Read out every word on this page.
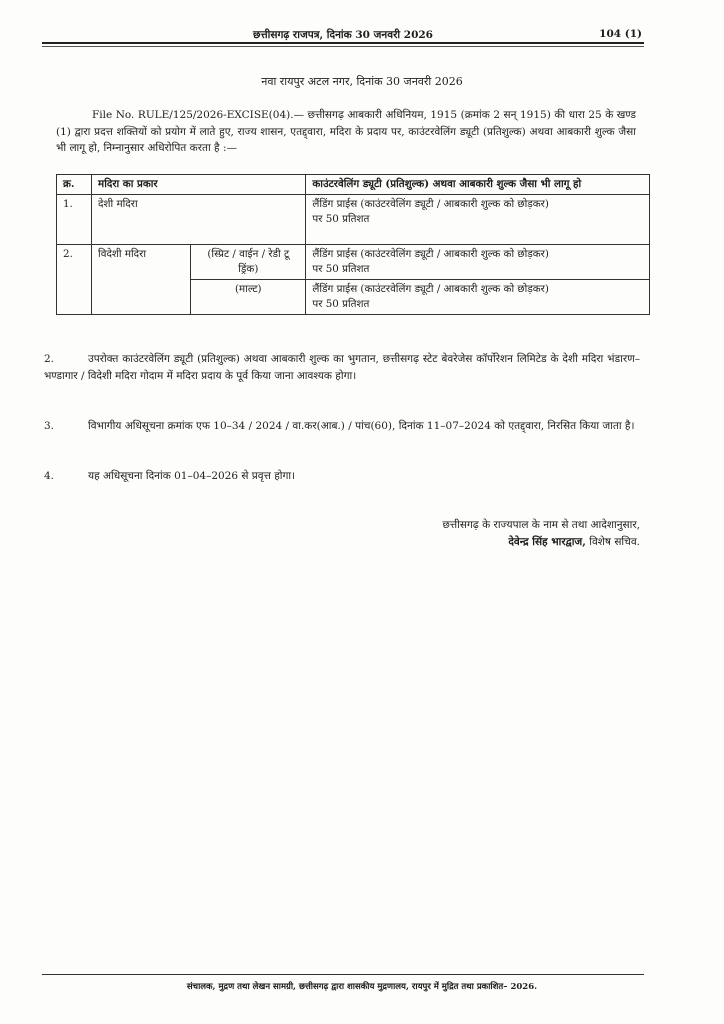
छत्तीसगढ़ राजपत्र, दिनांक 30 जनवरी 2026	104 (1)
नवा रायपुर अटल नगर, दिनांक 30 जनवरी 2026
File No. RULE/125/2026-EXCISE(04).— छत्तीसगढ़ आबकारी अधिनियम, 1915 (क्रमांक 2 सन् 1915) की धारा 25 के खण्ड (1) द्वारा प्रदत्त शक्तियों को प्रयोग में लाते हुए, राज्य शासन, एतद्द्वारा, मदिरा के प्रदाय पर, काउंटरवेलिंग ड्यूटी (प्रतिशुल्क) अथवा आबकारी शुल्क जैसा भी लागू हो, निम्नानुसार अधिरोपित करता है :—
क्र.	मदिरा का प्रकार		काउंटरवेलिंग ड्यूटी (प्रतिशुल्क) अथवा आबकारी शुल्क जैसा भी लागू हो
1.	देशी मदिरा		लैंडिंग प्राईस (काउंटरवेलिंग ड्यूटी / आबकारी शुल्क को छोड़कर)
पर 50 प्रतिशत

2.	विदेशी मदिरा	(स्प्रिट / वाईन / रेडी टू ड्रिंक)	लैंडिंग प्राईस (काउंटरवेलिंग ड्यूटी / आबकारी शुल्क को छोड़कर)
पर 50 प्रतिशत

		(माल्ट)	लैंडिंग प्राईस (काउंटरवेलिंग ड्यूटी / आबकारी शुल्क को छोड़कर)
पर 50 प्रतिशत
2.	उपरोक्त काउंटरवेलिंग ड्यूटी (प्रतिशुल्क) अथवा आबकारी शुल्क का भुगतान, छत्तीसगढ़ स्टेट बेवरेजेस कॉर्पोरेशन लिमिटेड के देशी मदिरा भंडारण–भण्डागार / विदेशी मदिरा गोदाम में मदिरा प्रदाय के पूर्व किया जाना आवश्यक होगा।
3.	विभागीय अधिसूचना क्रमांक एफ 10–34 / 2024 / वा.कर(आब.) / पांच(60), दिनांक 11–07–2024 को एतद्द्वारा, निरसित किया जाता है।
4.	यह अधिसूचना दिनांक 01–04–2026 से प्रवृत्त होगा।
छत्तीसगढ़ के राज्यपाल के नाम से तथा आदेशानुसार,
देवेन्द्र सिंह भारद्वाज, विशेष सचिव.
संचालक, मुद्रण तथा लेखन सामग्री, छत्तीसगढ़ द्वारा शासकीय मुद्रणालय, रायपुर में मुद्रित तथा प्रकाशित– 2026.
